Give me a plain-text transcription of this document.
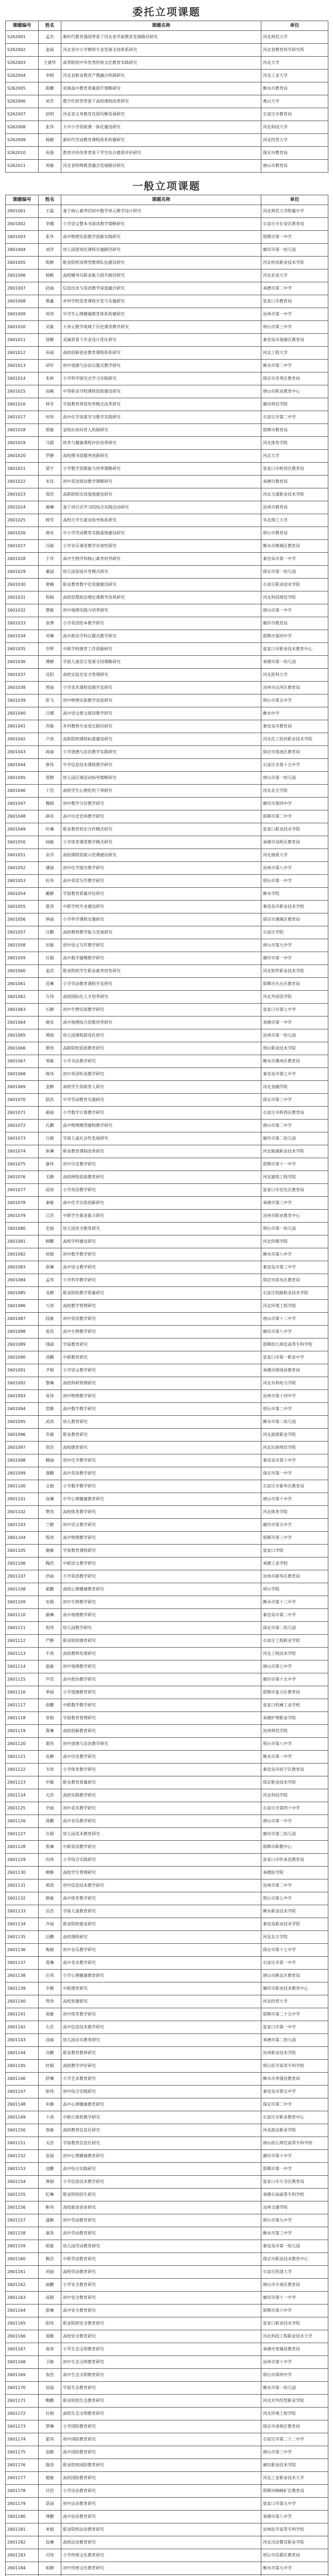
委托立项课题
课题编号	姓名	课题名称	单位
S262001	孟杰	新时代教育强国背景下河北省学前教育发展路径研究	河北师范大学
S262002	姜丽	河北省中小学教师专业发展支持体系研究	河北省教育科学研究所
S262003	王建华	高等院校中华优秀传统文化教育实践研究	河北大学
S262004	李晓	河北省职业教育产教融合机制研究	河北工业大学
S262005	陈鹏	县域高中教育质量提升策略研究	衡水市教育局
S262006	刘芳	数字化转型背景下高校课程改革研究	燕山大学
S262007	赵明	河北省义务教育优质均衡发展研究	石家庄市教育局
S262008	张伟	大中小学思政课一体化建设研究	河北科技大学
S262009	杨静	新时代劳动教育课程体系构建研究	河北经贸大学
S262010	孙强	教育评价改革背景下学生综合素质评价研究	保定市教育局
S262011	周敏	河北省特殊教育融合发展路径研究	唐山市教育局
一般立项课题
课题编号	姓名	课题名称	单位
2601001	王磊	基于核心素养的初中数学单元教学设计研究	河北师范大学附属中学
2601002	李娜	小学语文整本书阅读教学策略研究	石家庄市长安区教育局
2601003	张华	高中物理实验教学创新实践研究	邯郸市第一中学
2601004	刘洋	幼儿园游戏化课程实施路径研究	廊坊市第一幼儿园
2601005	陈静	职业院校双师型教师队伍建设研究	河北机电职业技术学院
2601006	杨帆	高校辅导员职业能力提升路径研究	河北农业大学
2601007	赵丽	信息技术与英语教学深度融合研究	承德市第二中学
2601008	黄鑫	乡村学校美育课程开发与实施研究	张家口市教育局
2601009	周涛	中学生心理健康教育体系构建研究	沧州市第一中学
2601010	吴敏	大单元教学视域下历史课堂教学研究	邢台市第三中学
2601011	徐静	双减背景下作业设计优化研究	秦皇岛市海港区教育局
2601012	孙丽	高校创新创业教育课程体系研究	河北工程大学
2601013	胡军	初中道德与法治议题式教学研究	衡水市第二中学
2601014	朱婷	小学科学探究式学习实践研究	保定市竞秀区教育局
2601015	高峰	中等职业学校课程思政建设研究	唐山市职业教育中心
2601016	林芳	学前教育师资培养模式改革研究	廊坊师范学院
2601017	何伟	高中化学深度学习教学实践研究	石家庄市第二中学
2601018	郭敏	家校社协同育人机制研究	邯郸市教育局
2601019	马超	体育与健康课程评价改革研究	河北体育学院
2601020	罗静	高校图书馆服务创新研究	河北大学
2601021	梁宇	小学数学思维能力培养策略研究	张家口市桥西区教育局
2601022	宋佳	初中英语阅读教学策略研究	承德市教育局
2601023	郑浩	高职院校实训基地建设研究	河北交通职业技术学院
2601024	谢琳	基于项目式学习的综合实践活动研究	沧州市教育局
2601025	韩雪	高校大学生就业指导体系研究	华北理工大学
2601026	唐亮	中小学劳动教育实践基地建设研究	邢台市教育局
2601027	冯娟	小学音乐课堂教学有效性研究	衡水市桃城区教育局
2601028	于洋	高中生物学科核心素养培养研究	秦皇岛市第一中学
2601029	董丽	幼儿园家园共育模式研究	保定市第一幼儿园
2601030	萧楠	职业教育数字化资源建设研究	石家庄职业技术学院
2601031	程刚	高校思想政治理论课教学改革研究	河北科技师范学院
2601032	曹敏	初中地理实践力培养研究	唐山市第一中学
2601033	袁博	小学英语绘本教学研究	廊坊市教育局
2601034	邓琳	高中政治学科议题式教学研究	邯郸市第四中学
2601035	许辉	中职学校德育工作创新研究	张家口市职业技术教育中心
2601036	傅静	学前儿童语言发展支持策略研究	承德市第一幼儿园
2601037	沈阳	高校实验室安全管理研究	河北医科大学
2601038	曾丽	小学美术课程资源开发研究	沧州市运河区教育局
2601039	彭飞	初中物理实验教学改进研究	邢台市第五中学
2601040	吕娜	高中语文群文阅读教学研究	衡水中学
2601041	苏敏	乡村教师专业成长路径研究	秦皇岛市教育局
2601042	卢涛	高职院校课程标准建设研究	河北化工医药职业技术学院
2601043	蒋丽	小学道德与法治教学实践研究	保定市莲池区教育局
2601044	蔡伟	中学信息技术课程教学研究	石家庄市第十五中学
2601045	贾静	幼儿园区域活动指导策略研究	唐山市第一幼儿园
2601046	丁浩	高校学生心理危机干预研究	河北北方学院
2601047	魏娟	初中数学分层教学研究	廊坊市第四中学
2601048	薛亮	高中历史史料教学研究	邯郸市第二中学
2601049	叶琳	职业教育校企合作模式研究	张家口职业技术学院
2601050	阎敏	小学体育课堂教学模式研究	承德市双桥区教育局
2601051	余洋	高校课程思政示范课建设研究	河北地质大学
2601052	潘丽	初中化学探究教学研究	沧州市第八中学
2601053	杜伟	高中英语写作教学研究	邢台市第一中学
2601054	戴静	学前教育质量评估研究	衡水学院
2601055	夏涛	中职学校专业建设研究	秦皇岛市职业技术学校
2601056	钟丽	小学科学课程实施研究	保定市满城区教育局
2601057	汪鹏	高校教师教学能力发展研究	石家庄学院
2601058	田敏	初中语文写作教学研究	唐山市第九中学
2601059	任娟	高中数学建模教学研究	廊坊市第一中学
2601060	姜浩	职业院校学生职业素养培育研究	河北软件职业技术学院
2601061	范琳	小学劳动教育课程开发研究	邯郸市丛台区教育局
2601062	方伟	高校国际化人才培养研究	河北外国语学院
2601063	石静	初中生物实验教学研究	张家口市第七中学
2601064	姚亮	高中地理综合思维培养研究	承德市第一中学
2601065	谭丽	幼儿园课程游戏化研究	沧州市第一幼儿园
2601066	廖涛	高职院校思政教育研究	邢台职业技术学院
2601067	邹敏	小学书法教学研究	衡水市冀州区教育局
2601068	熊伟	初中英语听说教学研究	秦皇岛市第七中学
2601069	金静	高校学生资助育人研究	河北金融学院
2601070	陆浩	中学劳动教育实施研究	保定市第三中学
2601071	郝丽	小学数学计算教学研究	石家庄市桥西区教育局
2601072	孔鹏	高中物理模型建构教学研究	唐山市第二中学
2601073	白娟	学前儿童社会性发展研究	廊坊市第二幼儿园
2601074	崔琳	职业教育课程改革研究	河北能源职业技术学院
2601075	康伟	初中历史教学研究	邯郸市第十一中学
2601076	毛静	高校网络思政教育研究	河北建筑工程学院
2601077	邱涛	小学英语教学研究	张家口市宣化区教育局
2601078	秦敏	高中化学实验创新研究	承德市第三中学
2601079	江浩	中职学生就业能力研究	沧州市职业教育中心
2601080	史丽	幼儿园安全教育研究	邢台市第一幼儿园
2601081	顾鹏	高校学科建设研究	河北传媒学院
2601082	侯娟	初中数学教学研究	衡水市第八中学
2601083	邵琳	高中语文教学研究	秦皇岛市第三中学
2601084	孟伟	小学科学教学研究	保定市徐水区教育局
2601085	龙静	职业院校教学质量研究	石家庄铁路职业技术学院
2601086	万涛	高校教学管理研究	河北环境工程学院
2601087	段敏	初中英语教学研究	唐山市第十二中学
2601088	雷浩	高中生物教学研究	廊坊市第八中学
2601089	钱丽	学前教育研究	邯郸幼儿师范高等专科学校
2601090	汤鹏	中职教育研究	张家口市第一职业中学
2601091	尹娟	小学语文教学研究	承德市围场县教育局
2601092	黎琳	高校科研管理研究	河北水利电力学院
2601093	易伟	初中物理教学研究	沧州市第十四中学
2601094	常静	高中数学教学研究	邢台市第二中学
2601095	武涛	幼儿教育研究	衡水市第二幼儿园
2601096	乔敏	职业教育研究	河北旅游职业学院
2601097	贺浩	高校德育研究	河北民族师范学院
2601098	赖丽	初中化学教学研究	秦皇岛市第十中学
2601099	龚鹏	高中英语教学研究	保定市第一中学
2601100	文娟	小学数学教学研究	石家庄市新华区教育局
2601101	庞琳	中学心理健康教育研究	唐山市第十中学
2601102	樊伟	高校体育教学研究	河北体育学院
2601103	兰静	初中语文教学研究	廊坊市第五中学
2601104	殷涛	高中物理教学研究	邯郸市第三中学
2601105	施敏	学前教育课程研究	张家口学院
2601106	陶浩	中职语文教学研究	承德工业学校
2601107	洪丽	小学英语教学研究	沧州市新华区教育局
2601108	翟鹏	高校心理健康教育研究	邢台学院
2601109	安娟	初中生物教学研究	衡水市第十三中学
2601110	颜琳	高中地理教学研究	秦皇岛市第二中学
2601111	倪伟	幼儿园教学研究	保定市第二幼儿园
2601112	严静	职业院校德育研究	石家庄工程职业学院
2601113	牛涛	高校教师发展研究	河北工程技术学院
2601114	温敏	初中地理教学研究	唐山市第七中学
2601115	芦浩	高中政治教学研究	廊坊市第十五中学
2601116	季丽	小学道德教育研究	邯郸市复兴区教育局
2601117	俞鹏	中职数学教学研究	张家口机械工业学校
2601118	章娟	学前教育管理研究	承德护理职业学院
2601119	鲁琳	高校创新教育研究	沧州师范学院
2601120	葛伟	初中道德与法治教学研究	邢台市第八中学
2601121	伍静	高中历史教学研究	衡水市第一中学
2601122	韦涛	小学体育教学研究	秦皇岛市抚宁区教育局
2601123	申敏	职业教育质量研究	保定职业技术学院
2601124	尤浩	高校实践教学研究	河北科技学院
2601125	毕丽	初中美术教学研究	石家庄市第四十中学
2601126	聂鹏	高中音乐教学研究	唐山市第一中学
2601127	丛娟	幼儿园美术教育研究	廊坊市第三幼儿园
2601128	焦琳	中职英语教学研究	邯郸市职教中心
2601129	向伟	小学综合实践研究	张家口市怀来县教育局
2601130	柳静	高校学生管理研究	承德医学院
2601131	邢涛	初中信息技术教学研究	沧州市第二中学
2601132	路敏	高中体育教学研究	邢台市第七中学
2601133	岳浩	学前儿童教育研究	衡水职业技术学院
2601134	齐丽	职业院校就业研究	秦皇岛职业技术学院
2601135	沿鹏	高校课程研究	河北东方学院
2601136	梅娟	初中音乐教学研究	保定市第十七中学
2601137	莫琳	高中美术教学研究	石家庄市第一中学
2601138	庄伟	小学心理健康教育研究	唐山市路北区教育局
2601139	辛静	中职德育研究	廊坊市职业技术教育中心
2601140	管涛	高校党建研究	河北经贸大学
2601141	祝敏	初中体育教学研究	邯郸市第二十五中学
2601142	左浩	高中信息技术教学研究	张家口市第一中学
2601143	涂丽	幼儿园音乐教育研究	承德市第二幼儿园
2601144	谷鹏	职业教育教师研究	沧州职业技术学院
2601145	时娟	高校教学评价研究	邢台医学高等专科学校
2601146	舒琳	小学艺术教育研究	衡水市枣强县教育局
2601147	耿伟	初中综合实践研究	秦皇岛市第五中学
2601148	牟静	高中心理健康教育研究	保定市第二中学
2601149	卜涛	中职计算机教学研究	石家庄市职业教育中心
2601150	詹敏	高校教育信息化研究	河北政法职业学院
2601151	关浩	学前教育信息化研究	唐山幼儿师范高等专科学校
2601152	苗丽	初中心理健康教育研究	廊坊市第十中学
2601153	凌鹏	高中综合实践研究	邯郸市第一中学
2601154	费娟	小学信息技术教学研究	张家口市万全区教育局
2601155	纪琳	职业院校招生研究	承德石油高等专科学校
2601156	靳伟	高校就业创业研究	沧州交通学院
2601157	盛静	初中劳动教育研究	邢台市第九中学
2601158	童涛	高中劳动教育研究	衡水市第三中学
2601159	欧敏	幼儿园劳动教育研究	秦皇岛市第一幼儿园
2601160	甄浩	中职劳动教育研究	保定市职业技术教育中心
2601161	项丽	高校劳动教育研究	石家庄铁道大学
2601162	曲鹏	小学安全教育研究	唐山市丰南区教育局
2601163	成娟	初中安全教育研究	廊坊市第十一中学
2601164	游琳	高中安全教育研究	邯郸市第六中学
2601165	阳伟	职业院校安全教育研究	张家口职业技术学院
2601166	裴静	高校安全教育研究	河北科技工程职业技术大学
2601167	席涛	小学生态文明教育研究	承德市宽城县教育局
2601168	卫敏	初中生态文明教育研究	沧州市第十中学
2601169	查浩	高中生态文明教育研究	邢台市第四中学
2601170	屈丽	学前生态教育研究	衡水市第一幼儿园
2601171	鲍鹏	职业院校生态教育研究	河北对外经贸职业学院
2601172	位娟	高校生态文明教育研究	河北环境工程学院
2601173	覃琳	小学国防教育研究	保定市清苑区教育局
2601174	霍伟	初中国防教育研究	石家庄市第二十二中学
2601175	翁静	高中国防教育研究	唐山市第三中学
2601176	隋涛	职业院校国防教育研究	廊坊职业技术学院
2601177	植敏	高校国防教育研究	河北工业职业技术大学
2601178	甘浩	小学法治教育研究	邯郸市峰峰矿区教育局
2601179	景丽	初中法治教育研究	张家口市第五中学
2601180	薄鹏	高中法治教育研究	承德市第八中学
2601181	单娟	职业院校法治教育研究	沧州医学高等专科学校
2601182	包琳	高校法治教育研究	河北司法警官职业学院
2601183	司伟	小学传统文化教育研究	邢台市信都区教育局
2601184	柏静	初中传统文化教育研究	衡水市第九中学
